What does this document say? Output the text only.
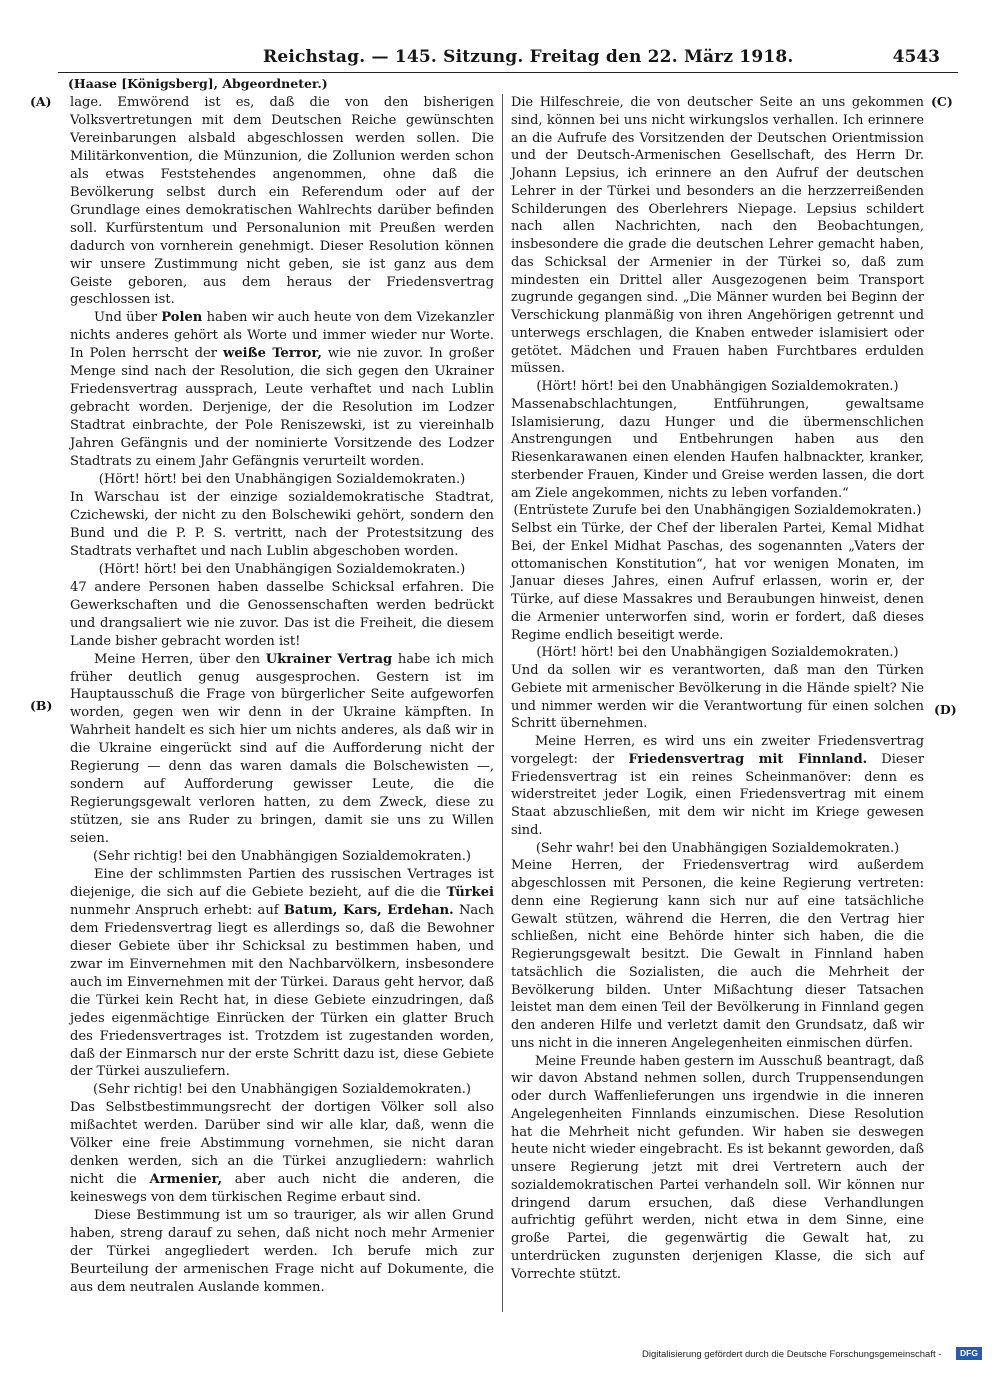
Reichstag. — 145. Sitzung. Freitag den 22. März 1918.	4543
(Haase [Königsberg], Abgeordneter.)
(A)
(B)
(C)
(D)

lage. Emwörend ist es, daß die von den bisherigen Volksvertretungen mit dem Deutschen Reiche gewünschten Vereinbarungen alsbald abgeschlossen werden sollen. Die Militärkonvention, die Münzunion, die Zollunion werden schon als etwas Feststehendes angenommen, ohne daß die Bevölkerung selbst durch ein Referendum oder auf der Grundlage eines demokratischen Wahlrechts darüber befinden soll. Kurfürstentum und Personalunion mit Preußen werden dadurch von vornherein genehmigt. Dieser Resolution können wir unsere Zustimmung nicht geben, sie ist ganz aus dem Geiste geboren, aus dem heraus der Friedensvertrag geschlossen ist.

Und über Polen haben wir auch heute von dem Vizekanzler nichts anderes gehört als Worte und immer wieder nur Worte. In Polen herrscht der weiße Terror, wie nie zuvor. In großer Menge sind nach der Resolution, die sich gegen den Ukrainer Friedensvertrag aussprach, Leute verhaftet und nach Lublin gebracht worden. Derjenige, der die Resolution im Lodzer Stadtrat einbrachte, der Pole Reniszewski, ist zu viereinhalb Jahren Gefängnis und der nominierte Vorsitzende des Lodzer Stadtrats zu einem Jahr Gefängnis verurteilt worden.

(Hört! hört! bei den Unabhängigen Sozialdemokraten.)

In Warschau ist der einzige sozialdemokratische Stadtrat, Czichewski, der nicht zu den Bolschewiki gehört, sondern den Bund und die P. P. S. vertritt, nach der Protestsitzung des Stadtrats verhaftet und nach Lublin abgeschoben worden.

(Hört! hört! bei den Unabhängigen Sozialdemokraten.)

47 andere Personen haben dasselbe Schicksal erfahren. Die Gewerkschaften und die Genossenschaften werden bedrückt und drangsaliert wie nie zuvor. Das ist die Freiheit, die diesem Lande bisher gebracht worden ist!

Meine Herren, über den Ukrainer Vertrag habe ich mich früher deutlich genug ausgesprochen. Gestern ist im Hauptausschuß die Frage von bürgerlicher Seite aufgeworfen worden, gegen wen wir denn in der Ukraine kämpften. In Wahrheit handelt es sich hier um nichts anderes, als daß wir in die Ukraine eingerückt sind auf die Aufforderung nicht der Regierung — denn das waren damals die Bolschewisten —, sondern auf Aufforderung gewisser Leute, die die Regierungsgewalt verloren hatten, zu dem Zweck, diese zu stützen, sie ans Ruder zu bringen, damit sie uns zu Willen seien.

(Sehr richtig! bei den Unabhängigen Sozialdemokraten.)

Eine der schlimmsten Partien des russischen Vertrages ist diejenige, die sich auf die Gebiete bezieht, auf die die Türkei nunmehr Anspruch erhebt: auf Batum, Kars, Erdehan. Nach dem Friedensvertrag liegt es allerdings so, daß die Bewohner dieser Gebiete über ihr Schicksal zu bestimmen haben, und zwar im Einvernehmen mit den Nachbarvölkern, insbesondere auch im Einvernehmen mit der Türkei. Daraus geht hervor, daß die Türkei kein Recht hat, in diese Gebiete einzudringen, daß jedes eigenmächtige Einrücken der Türken ein glatter Bruch des Friedensvertrages ist. Trotzdem ist zugestanden worden, daß der Einmarsch nur der erste Schritt dazu ist, diese Gebiete der Türkei auszuliefern.

(Sehr richtig! bei den Unabhängigen Sozialdemokraten.)

Das Selbstbestimmungsrecht der dortigen Völker soll also mißachtet werden. Darüber sind wir alle klar, daß, wenn die Völker eine freie Abstimmung vornehmen, sie nicht daran denken werden, sich an die Türkei anzugliedern: wahrlich nicht die Armenier, aber auch nicht die anderen, die keineswegs von dem türkischen Regime erbaut sind.

Diese Bestimmung ist um so trauriger, als wir allen Grund haben, streng darauf zu sehen, daß nicht noch mehr Armenier der Türkei angegliedert werden. Ich berufe mich zur Beurteilung der armenischen Frage nicht auf Dokumente, die aus dem neutralen Auslande kommen.

Die Hilfeschreie, die von deutscher Seite an uns gekommen sind, können bei uns nicht wirkungslos verhallen. Ich erinnere an die Aufrufe des Vorsitzenden der Deutschen Orientmission und der Deutsch-Armenischen Gesellschaft, des Herrn Dr. Johann Lepsius, ich erinnere an den Aufruf der deutschen Lehrer in der Türkei und besonders an die herzzerreißenden Schilderungen des Oberlehrers Niepage. Lepsius schildert nach allen Nachrichten, nach den Beobachtungen, insbesondere die grade die deutschen Lehrer gemacht haben, das Schicksal der Armenier in der Türkei so, daß zum mindesten ein Drittel aller Ausgezogenen beim Transport zugrunde gegangen sind. „Die Männer wurden bei Beginn der Verschickung planmäßig von ihren Angehörigen getrennt und unterwegs erschlagen, die Knaben entweder islamisiert oder getötet. Mädchen und Frauen haben Furchtbares erdulden müssen.

(Hört! hört! bei den Unabhängigen Sozialdemokraten.)

Massenabschlachtungen, Entführungen, gewaltsame Islamisierung, dazu Hunger und die übermenschlichen Anstrengungen und Entbehrungen haben aus den Riesenkarawanen einen elenden Haufen halbnackter, kranker, sterbender Frauen, Kinder und Greise werden lassen, die dort am Ziele angekommen, nichts zu leben vorfanden.“

(Entrüstete Zurufe bei den Unabhängigen Sozialdemokraten.)

Selbst ein Türke, der Chef der liberalen Partei, Kemal Midhat Bei, der Enkel Midhat Paschas, des sogenannten „Vaters der ottomanischen Konstitution“, hat vor wenigen Monaten, im Januar dieses Jahres, einen Aufruf erlassen, worin er, der Türke, auf diese Massakres und Beraubungen hinweist, denen die Armenier unterworfen sind, worin er fordert, daß dieses Regime endlich beseitigt werde.

(Hört! hört! bei den Unabhängigen Sozialdemokraten.)

Und da sollen wir es verantworten, daß man den Türken Gebiete mit armenischer Bevölkerung in die Hände spielt? Nie und nimmer werden wir die Verantwortung für einen solchen Schritt übernehmen.

Meine Herren, es wird uns ein zweiter Friedensvertrag vorgelegt: der Friedensvertrag mit Finnland. Dieser Friedensvertrag ist ein reines Scheinmanöver: denn es widerstreitet jeder Logik, einen Friedensvertrag mit einem Staat abzuschließen, mit dem wir nicht im Kriege gewesen sind.

(Sehr wahr! bei den Unabhängigen Sozialdemokraten.)

Meine Herren, der Friedensvertrag wird außerdem abgeschlossen mit Personen, die keine Regierung vertreten: denn eine Regierung kann sich nur auf eine tatsächliche Gewalt stützen, während die Herren, die den Vertrag hier schließen, nicht eine Behörde hinter sich haben, die die Regierungsgewalt besitzt. Die Gewalt in Finnland haben tatsächlich die Sozialisten, die auch die Mehrheit der Bevölkerung bilden. Unter Mißachtung dieser Tatsachen leistet man dem einen Teil der Bevölkerung in Finnland gegen den anderen Hilfe und verletzt damit den Grundsatz, daß wir uns nicht in die inneren Angelegenheiten einmischen dürfen.

Meine Freunde haben gestern im Ausschuß beantragt, daß wir davon Abstand nehmen sollen, durch Truppensendungen oder durch Waffenlieferungen uns irgendwie in die inneren Angelegenheiten Finnlands einzumischen. Diese Resolution hat die Mehrheit nicht gefunden. Wir haben sie deswegen heute nicht wieder eingebracht. Es ist bekannt geworden, daß unsere Regierung jetzt mit drei Vertretern auch der sozialdemokratischen Partei verhandeln soll. Wir können nur dringend darum ersuchen, daß diese Verhandlungen aufrichtig geführt werden, nicht etwa in dem Sinne, eine große Partei, die gegenwärtig die Gewalt hat, zu unterdrücken zugunsten derjenigen Klasse, die sich auf Vorrechte stützt.

Digitalisierung gefördert durch die Deutsche Forschungsgemeinschaft -	DFG
